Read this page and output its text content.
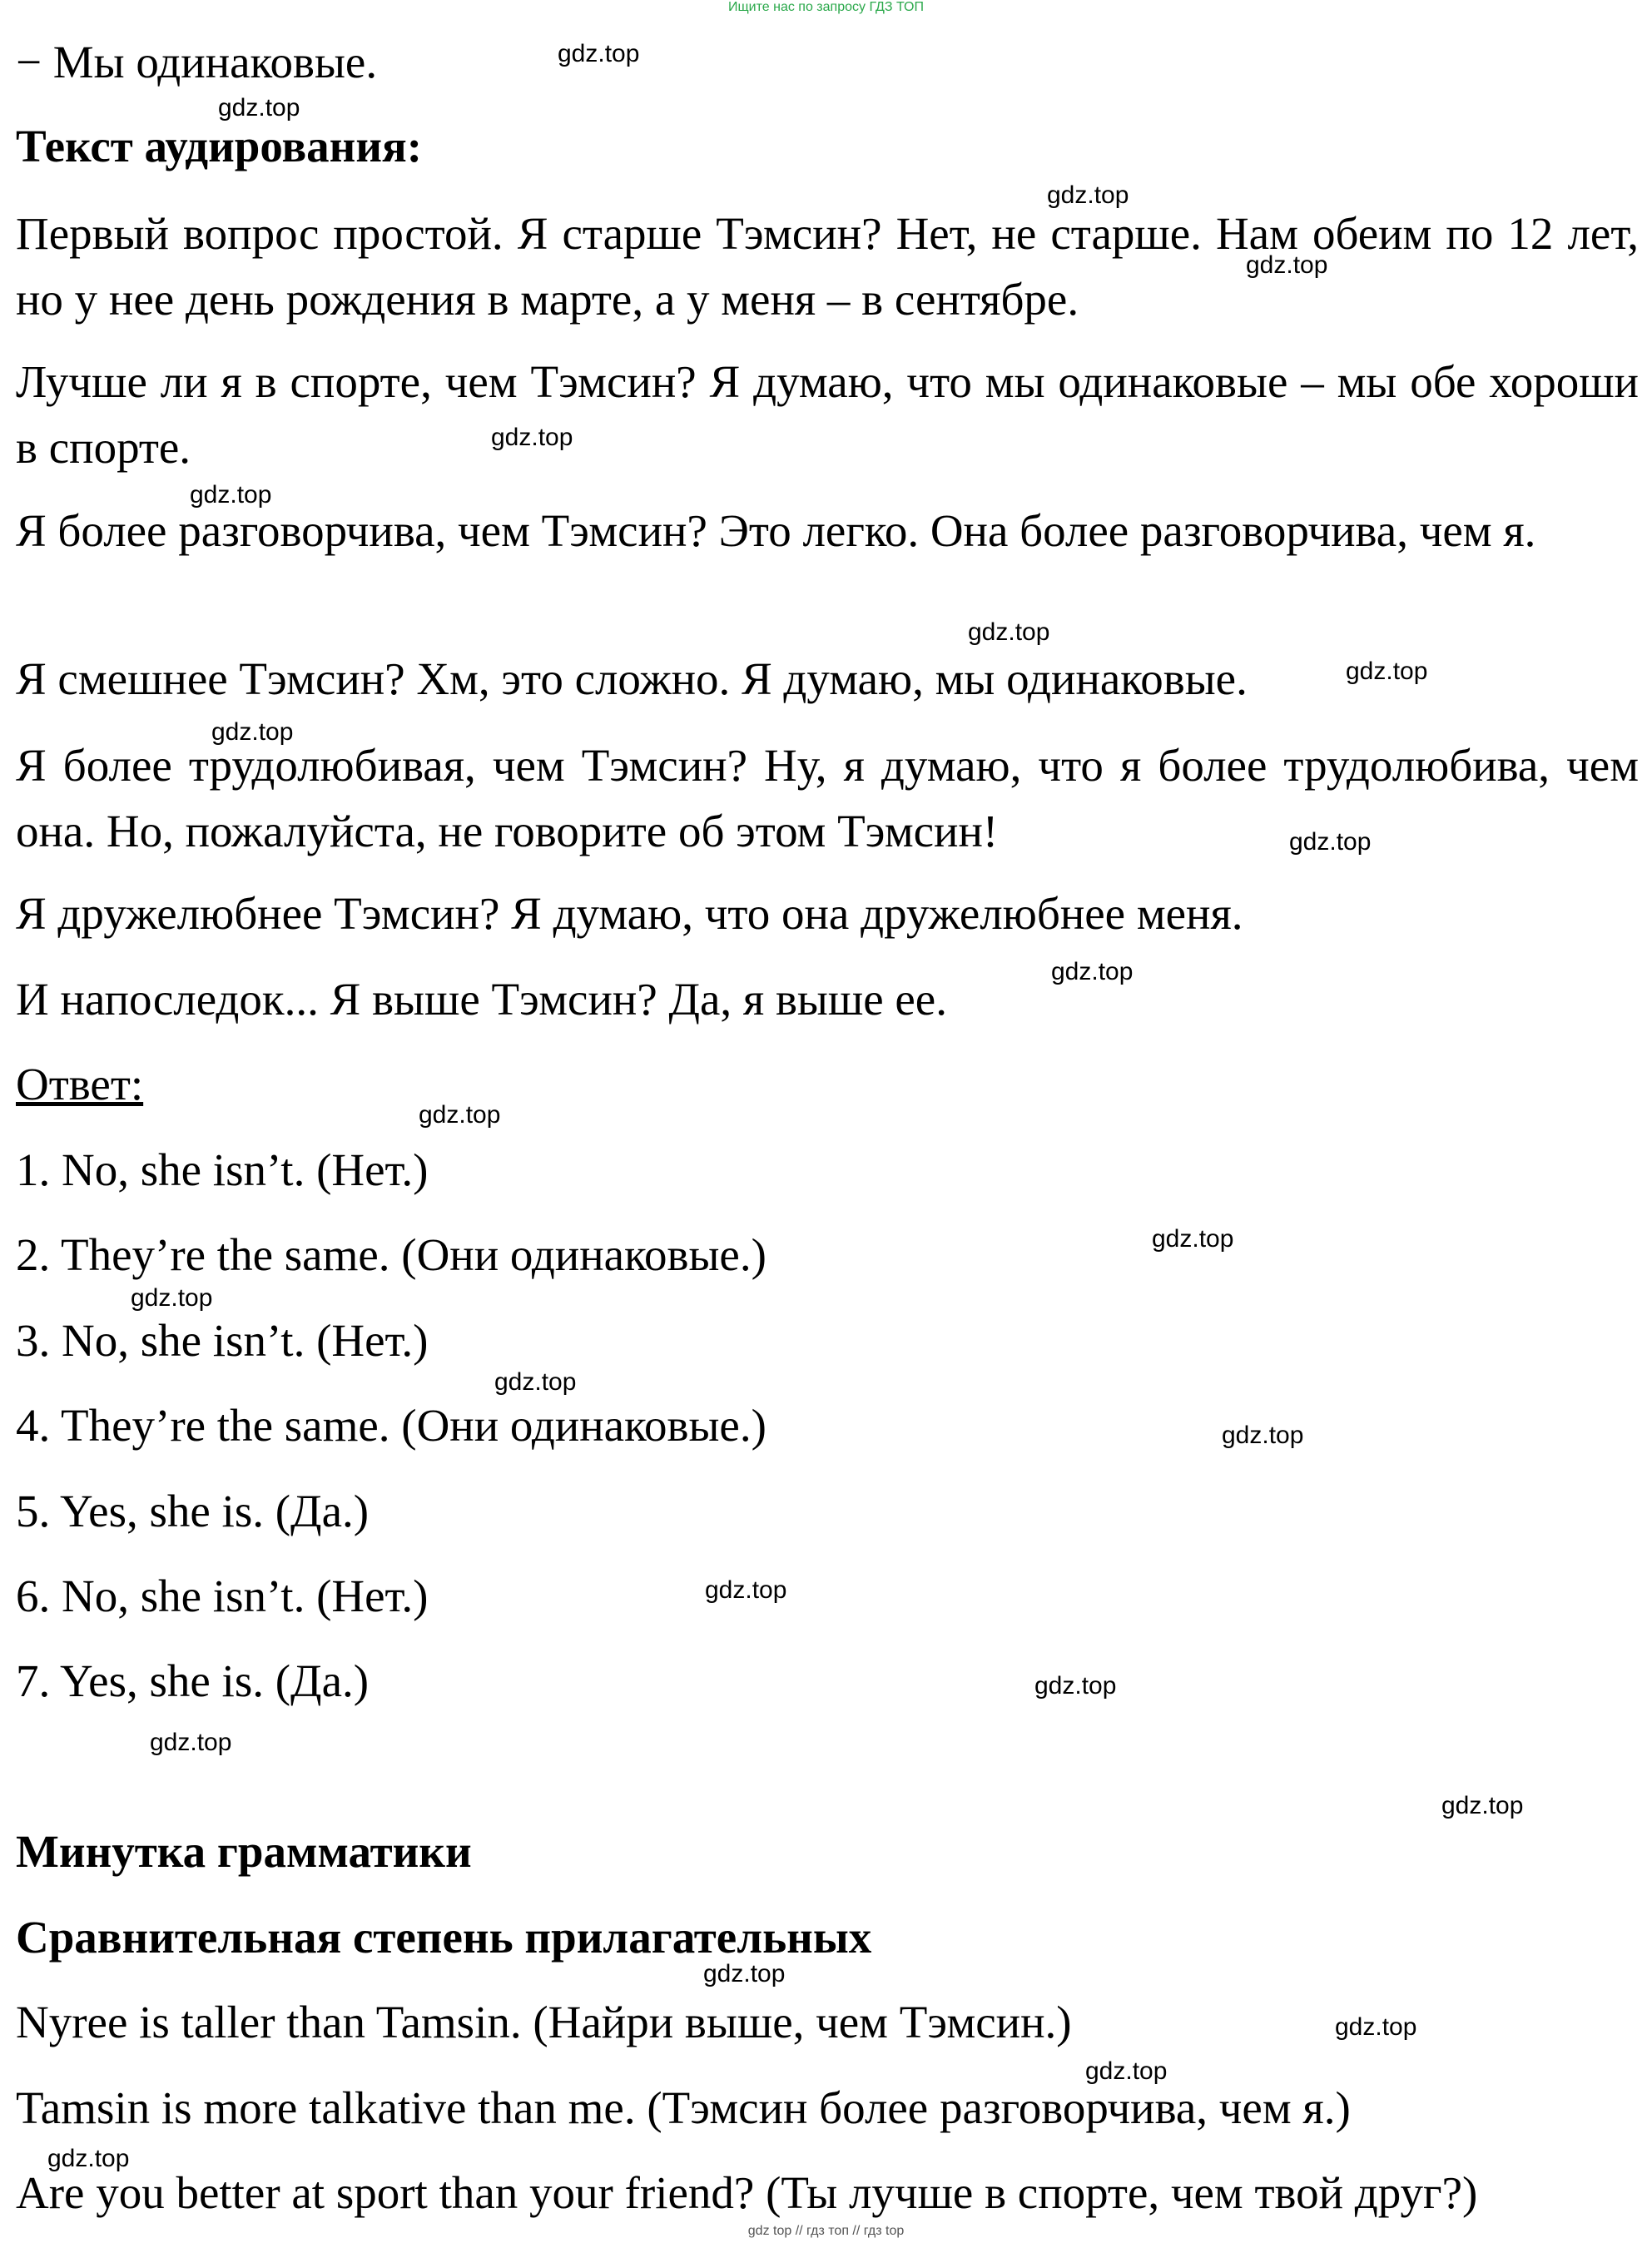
Ищите нас по запросу ГДЗ ТОП
− Мы одинаковые.
Текст аудирования:
Первый вопрос простой. Я старше Тэмсин? Нет, не старше. Нам обеим по 12 лет, но у нее день рождения в марте, а у меня – в сентябре.
Лучше ли я в спорте, чем Тэмсин? Я думаю, что мы одинаковые – мы обе хороши в спорте.
Я более разговорчива, чем Тэмсин? Это легко. Она более разговорчива, чем я.
Я смешнее Тэмсин? Хм, это сложно. Я думаю, мы одинаковые.
Я более трудолюбивая, чем Тэмсин? Ну, я думаю, что я более трудолюбива, чем она. Но, пожалуйста, не говорите об этом Тэмсин!
Я дружелюбнее Тэмсин? Я думаю, что она дружелюбнее меня.
И напоследок... Я выше Тэмсин? Да, я выше ее.
Ответ:
1. No, she isn’t. (Нет.)
2. They’re the same. (Они одинаковые.)
3. No, she isn’t. (Нет.)
4. They’re the same. (Они одинаковые.)
5. Yes, she is. (Да.)
6. No, she isn’t. (Нет.)
7. Yes, she is. (Да.)
Минутка грамматики
Сравнительная степень прилагательных
Nyree is taller than Tamsin. (Найри выше, чем Тэмсин.)
Tamsin is more talkative than me. (Тэмсин более разговорчива, чем я.)
Are you better at sport than your friend? (Ты лучше в спорте, чем твой друг?)
gdz.top
gdz.top
gdz.top
gdz.top
gdz.top
gdz.top
gdz.top
gdz.top
gdz.top
gdz.top
gdz.top
gdz.top
gdz.top
gdz.top
gdz.top
gdz.top
gdz.top
gdz.top
gdz.top
gdz.top
gdz.top
gdz.top
gdz.top
gdz.top
gdz top // гдз топ // гдз top
